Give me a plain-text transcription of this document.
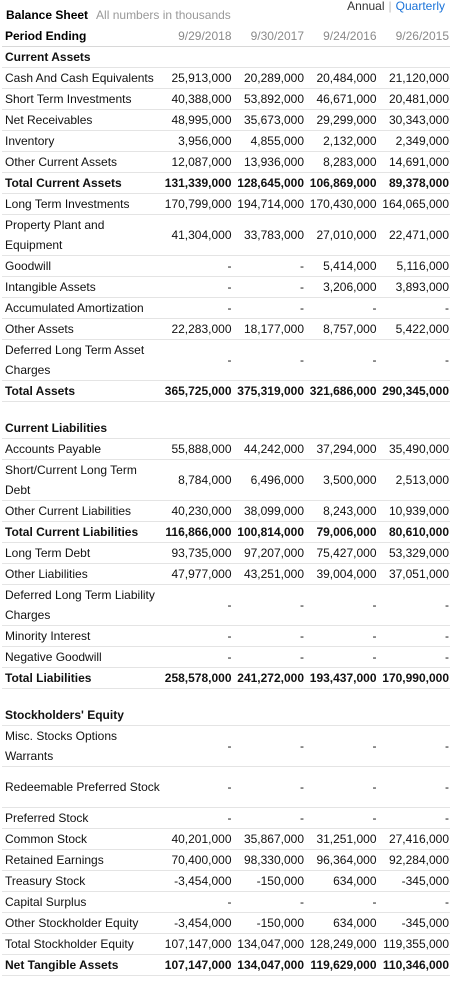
Annual | Quarterly
Balance Sheet All numbers in thousands
Period Ending	9/29/2018	9/30/2017	9/24/2016	9/26/2015
Current Assets				
Cash And Cash Equivalents	25,913,000	20,289,000	20,484,000	21,120,000
Short Term Investments	40,388,000	53,892,000	46,671,000	20,481,000
Net Receivables	48,995,000	35,673,000	29,299,000	30,343,000
Inventory	3,956,000	4,855,000	2,132,000	2,349,000
Other Current Assets	12,087,000	13,936,000	8,283,000	14,691,000
Total Current Assets	131,339,000	128,645,000	106,869,000	89,378,000
Long Term Investments	170,799,000	194,714,000	170,430,000	164,065,000
Property Plant and Equipment	41,304,000	33,783,000	27,010,000	22,471,000
Goodwill	-	-	5,414,000	5,116,000
Intangible Assets	-	-	3,206,000	3,893,000
Accumulated Amortization	-	-	-	-
Other Assets	22,283,000	18,177,000	8,757,000	5,422,000
Deferred Long Term Asset Charges	-	-	-	-
Total Assets	365,725,000	375,319,000	321,686,000	290,345,000
Current Liabilities				
Accounts Payable	55,888,000	44,242,000	37,294,000	35,490,000
Short/Current Long Term Debt	8,784,000	6,496,000	3,500,000	2,513,000
Other Current Liabilities	40,230,000	38,099,000	8,243,000	10,939,000
Total Current Liabilities	116,866,000	100,814,000	79,006,000	80,610,000
Long Term Debt	93,735,000	97,207,000	75,427,000	53,329,000
Other Liabilities	47,977,000	43,251,000	39,004,000	37,051,000
Deferred Long Term Liability Charges	-	-	-	-
Minority Interest	-	-	-	-
Negative Goodwill	-	-	-	-
Total Liabilities	258,578,000	241,272,000	193,437,000	170,990,000
Stockholders' Equity				
Misc. Stocks Options Warrants	-	-	-	-
Redeemable Preferred Stock	-	-	-	-
Preferred Stock	-	-	-	-
Common Stock	40,201,000	35,867,000	31,251,000	27,416,000
Retained Earnings	70,400,000	98,330,000	96,364,000	92,284,000
Treasury Stock	-3,454,000	-150,000	634,000	-345,000
Capital Surplus	-	-	-	-
Other Stockholder Equity	-3,454,000	-150,000	634,000	-345,000
Total Stockholder Equity	107,147,000	134,047,000	128,249,000	119,355,000
Net Tangible Assets	107,147,000	134,047,000	119,629,000	110,346,000
